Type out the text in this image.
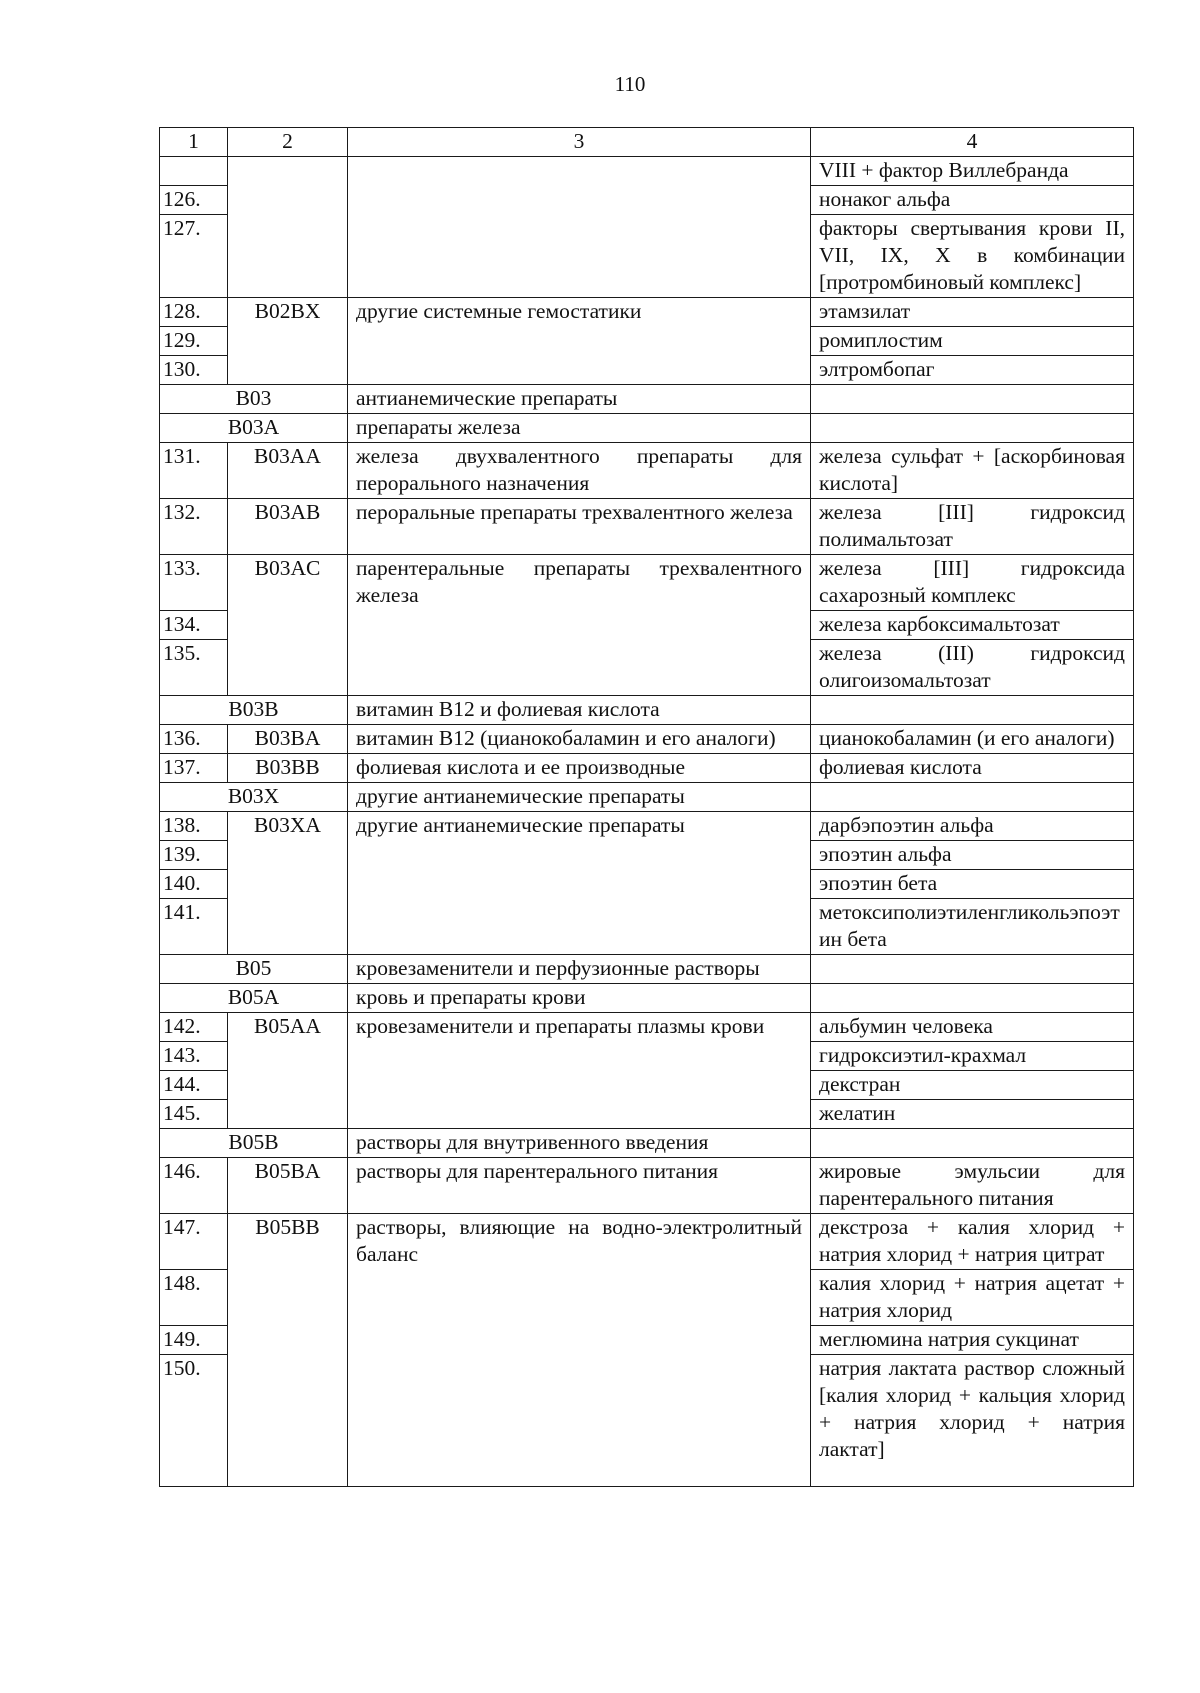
110
1	2	3	4
			VIII + фактор Виллебранда
126.			нонаког альфа
127.			факторы свертывания крови II, VII, IX, X в комбинации [протромбиновый комплекс]
128.	B02BX	другие системные гемостатики	этамзилат
129.			ромиплостим
130.			элтромбопаг
B03		антианемические препараты	
B03A		препараты железа	
131.	B03AA	железа двухвалентного препараты для перорального назначения	железа сульфат + [аскорбиновая кислота]
132.	B03AB	пероральные препараты трехвалентного железа	железа [III] гидроксид полимальтозат
133.	B03AC	парентеральные препараты трехвалентного железа	железа [III] гидроксида сахарозный комплекс
134.			железа карбоксимальтозат
135.			железа (III) гидроксид олигоизомальтозат
B03B		витамин B12 и фолиевая кислота	
136.	B03BA	витамин B12 (цианокобаламин и его аналоги)	цианокобаламин (и его аналоги)
137.	B03BB	фолиевая кислота и ее производные	фолиевая кислота
B03X		другие антианемические препараты	
138.	B03XA	другие антианемические препараты	дарбэпоэтин альфа
139.			эпоэтин альфа
140.			эпоэтин бета
141.			метоксиполиэтиленгликольэпоэтин бета
B05		кровезаменители и перфузионные растворы	
B05A		кровь и препараты крови	
142.	B05AA	кровезаменители и препараты плазмы крови	альбумин человека
143.			гидроксиэтил-крахмал
144.			декстран
145.			желатин
B05B		растворы для внутривенного введения	
146.	B05BA	растворы для парентерального питания	жировые эмульсии для парентерального питания
147.	B05BB	растворы, влияющие на водно-электролитный баланс	декстроза + калия хлорид + натрия хлорид + натрия цитрат
148.			калия хлорид + натрия ацетат + натрия хлорид
149.			меглюмина натрия сукцинат
150.			натрия лактата раствор сложный [калия хлорид + кальция хлорид + натрия хлорид + натрия лактат]
